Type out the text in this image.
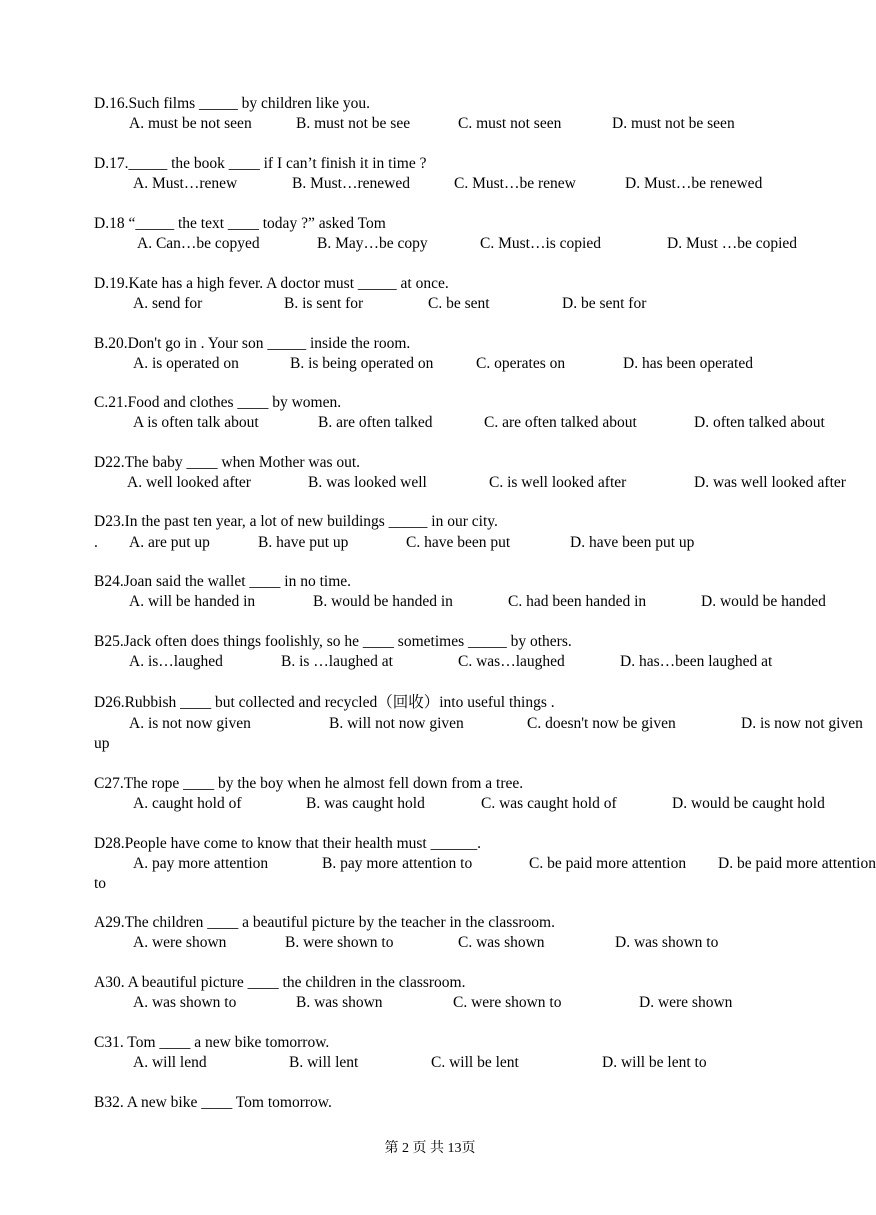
D.16.Such films _____ by children like you.
A. must be not seen	B. must not be see	C. must not seen	D. must not be seen
D.17._____ the book ____ if I can’t finish it in time ?
A. Must…renew	B. Must…renewed	C. Must…be renew	D. Must…be renewed
D.18 “_____ the text ____ today ?” asked Tom
A. Can…be copyed	B. May…be copy	C. Must…is copied	D. Must …be copied
D.19.Kate has a high fever. A doctor must _____ at once.
A. send for	B. is sent for	C. be sent	D. be sent for
B.20.Don't go in . Your son _____ inside the room.
A. is operated on	B. is being operated on	C. operates on	D. has been operated
C.21.Food and clothes ____ by women.
A is often talk about	B. are often talked	C. are often talked about	D. often talked about
D22.The baby ____ when Mother was out.
A. well looked after	B. was looked well	C. is well looked after	D. was well looked after
D23.In the past ten year, a lot of new buildings _____ in our city.
. A. are put up	B. have put up	C. have been put	D. have been put up
B24.Joan said the wallet ____ in no time.
A. will be handed in	B. would be handed in	C. had been handed in	D. would be handed
B25.Jack often does things foolishly, so he ____ sometimes _____ by others.
A. is…laughed	B. is …laughed at	C. was…laughed	D. has…been laughed at
D26.Rubbish ____ but collected and recycled（回收）into useful things .
A. is not now given	B. will not now given	C. doesn't now be given	D. is now not given
up
C27.The rope ____ by the boy when he almost fell down from a tree.
A. caught hold of	B. was caught hold	C. was caught hold of	D. would be caught hold
D28.People have come to know that their health must ______.
A. pay more attention	B. pay more attention to	C. be paid more attention D. be paid more attention
to
A29.The children ____ a beautiful picture by the teacher in the classroom.
A. were shown	B. were shown to	C. was shown	D. was shown to
A30. A beautiful picture ____ the children in the classroom.
A. was shown to	B. was shown	C. were shown to	D. were shown
C31. Tom ____ a new bike tomorrow.
A. will lend	B. will lent	C. will be lent	D. will be lent to
B32. A new bike ____ Tom tomorrow.
第 2 页 共 13页
